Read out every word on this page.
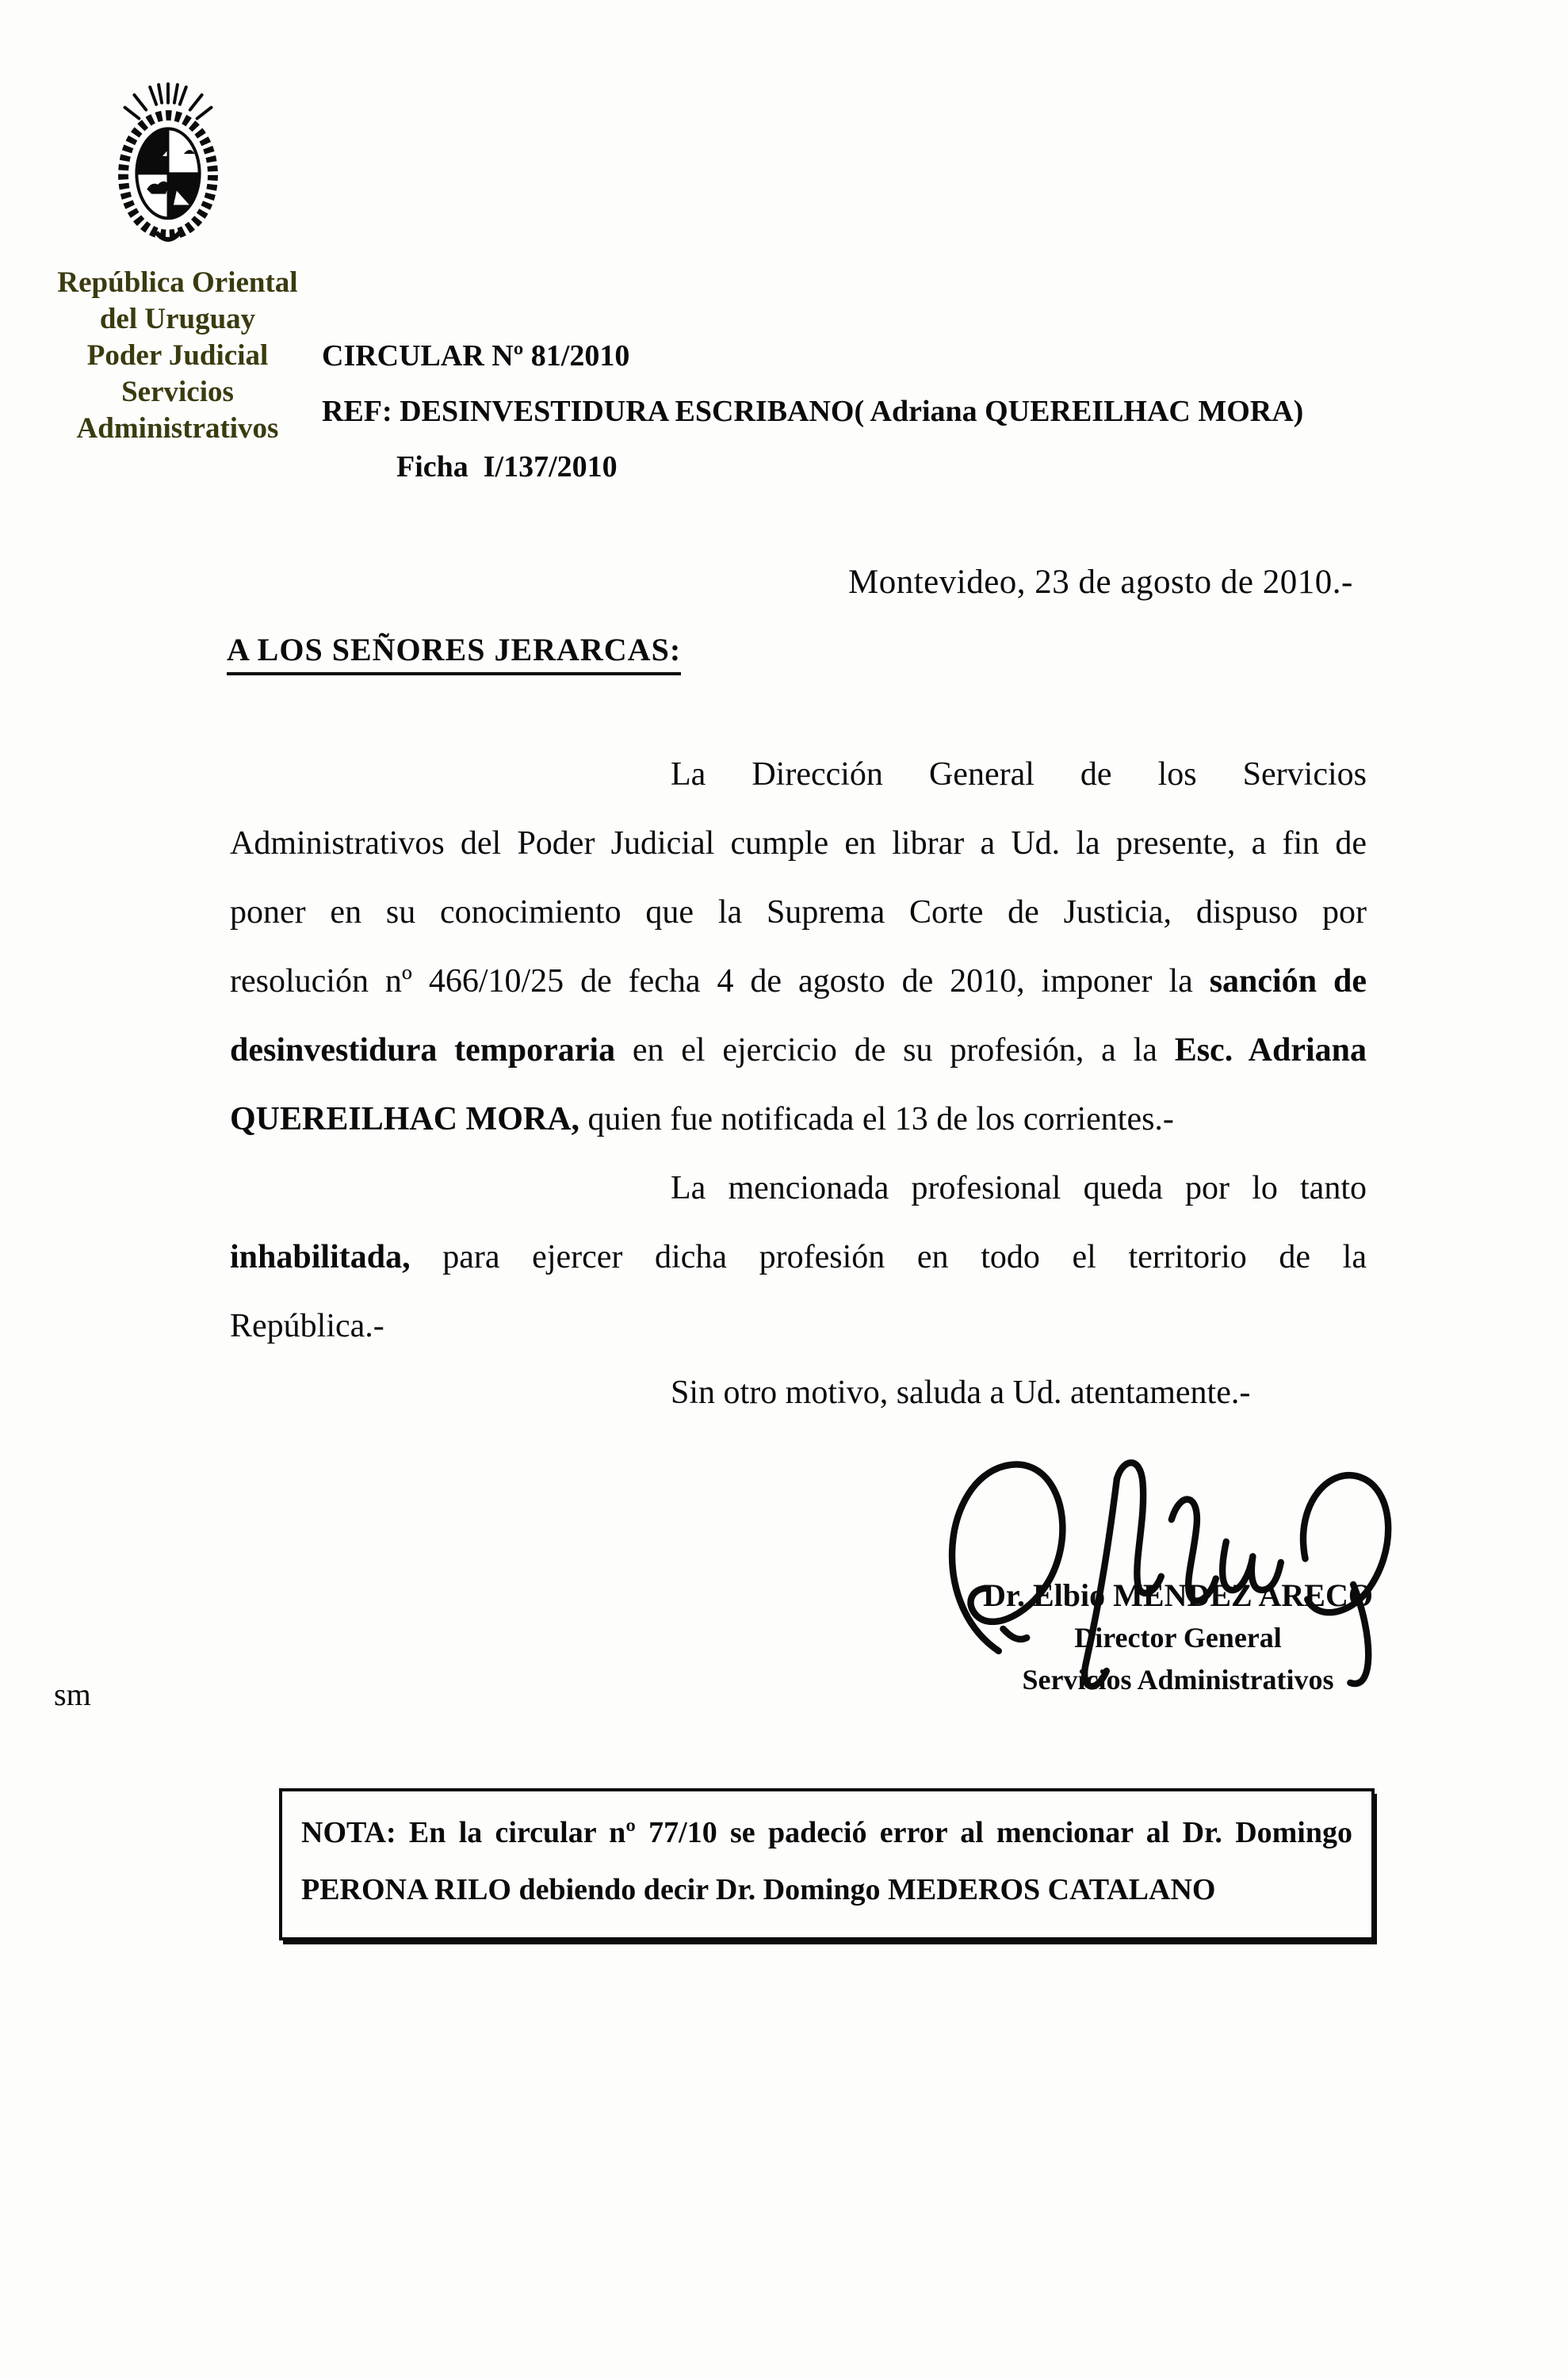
República Oriental
del Uruguay
Poder Judicial
Servicios
Administrativos
CIRCULAR Nº 81/2010
REF: DESINVESTIDURA ESCRIBANO( Adriana QUEREILHAC MORA)
Ficha  I/137/2010
Montevideo, 23 de agosto de 2010.-
A LOS SEÑORES JERARCAS:
La Dirección General de los Servicios
Administrativos del Poder Judicial cumple en librar a Ud. la presente, a fin de
poner en su conocimiento que la Suprema Corte de Justicia, dispuso por
resolución nº 466/10/25 de fecha 4 de agosto de 2010, imponer la sanción de
desinvestidura temporaria en el ejercicio de su profesión, a la Esc. Adriana
QUEREILHAC MORA, quien fue notificada el 13 de los corrientes.-
La mencionada profesional queda por lo tanto
inhabilitada, para ejercer dicha profesión en todo el territorio de la
República.-
Sin otro motivo, saluda a Ud. atentamente.-
Dr. Elbio MENDEZ ARECO
Director General
Servicios Administrativos
sm
NOTA: En la circular nº 77/10 se padeció error al mencionar al Dr. Domingo
PERONA RILO debiendo decir Dr. Domingo MEDEROS CATALANO
